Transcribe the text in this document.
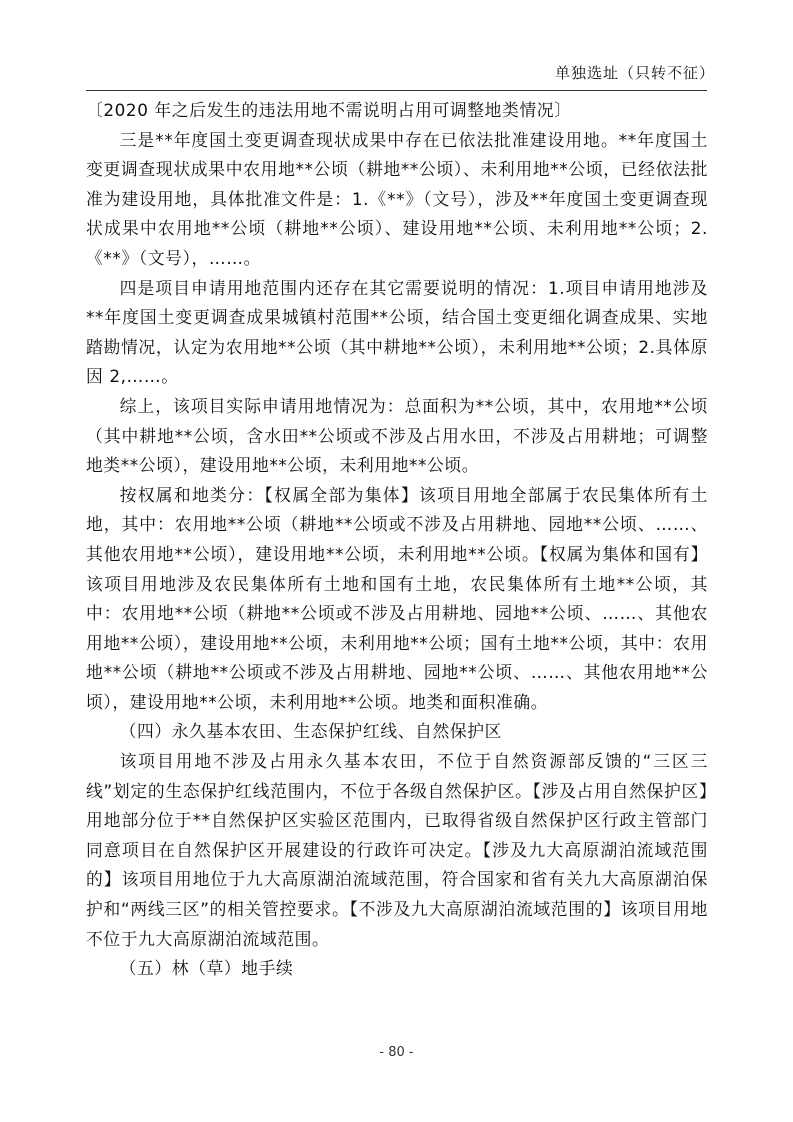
单独选址（只转不征）

〔2020 年之后发生的违法用地不需说明占用可调整地类情况〕

三是**年度国土变更调查现状成果中存在已依法批准建设用地。**年度国土变更调查现状成果中农用地**公顷（耕地**公顷）、未利用地**公顷，已经依法批准为建设用地，具体批准文件是：1.《**》（文号），涉及**年度国土变更调查现状成果中农用地**公顷（耕地**公顷）、建设用地**公顷、未利用地**公顷；2.《**》（文号），……。

四是项目申请用地范围内还存在其它需要说明的情况：1.项目申请用地涉及**年度国土变更调查成果城镇村范围**公顷，结合国土变更细化调查成果、实地踏勘情况，认定为农用地**公顷（其中耕地**公顷），未利用地**公顷；2.具体原因 2,……。

综上，该项目实际申请用地情况为：总面积为**公顷，其中，农用地**公顷（其中耕地**公顷，含水田**公顷或不涉及占用水田，不涉及占用耕地；可调整地类**公顷），建设用地**公顷，未利用地**公顷。

按权属和地类分：【权属全部为集体】该项目用地全部属于农民集体所有土地，其中：农用地**公顷（耕地**公顷或不涉及占用耕地、园地**公顷、……、其他农用地**公顷），建设用地**公顷，未利用地**公顷。【权属为集体和国有】该项目用地涉及农民集体所有土地和国有土地，农民集体所有土地**公顷，其中：农用地**公顷（耕地**公顷或不涉及占用耕地、园地**公顷、……、其他农用地**公顷），建设用地**公顷，未利用地**公顷；国有土地**公顷，其中：农用地**公顷（耕地**公顷或不涉及占用耕地、园地**公顷、……、其他农用地**公顷），建设用地**公顷，未利用地**公顷。地类和面积准确。

（四）永久基本农田、生态保护红线、自然保护区

该项目用地不涉及占用永久基本农田，不位于自然资源部反馈的“三区三线”划定的生态保护红线范围内，不位于各级自然保护区。【涉及占用自然保护区】用地部分位于**自然保护区实验区范围内，已取得省级自然保护区行政主管部门同意项目在自然保护区开展建设的行政许可决定。【涉及九大高原湖泊流域范围的】该项目用地位于九大高原湖泊流域范围，符合国家和省有关九大高原湖泊保护和“两线三区”的相关管控要求。【不涉及九大高原湖泊流域范围的】该项目用地不位于九大高原湖泊流域范围。

（五）林（草）地手续

- 80 -
